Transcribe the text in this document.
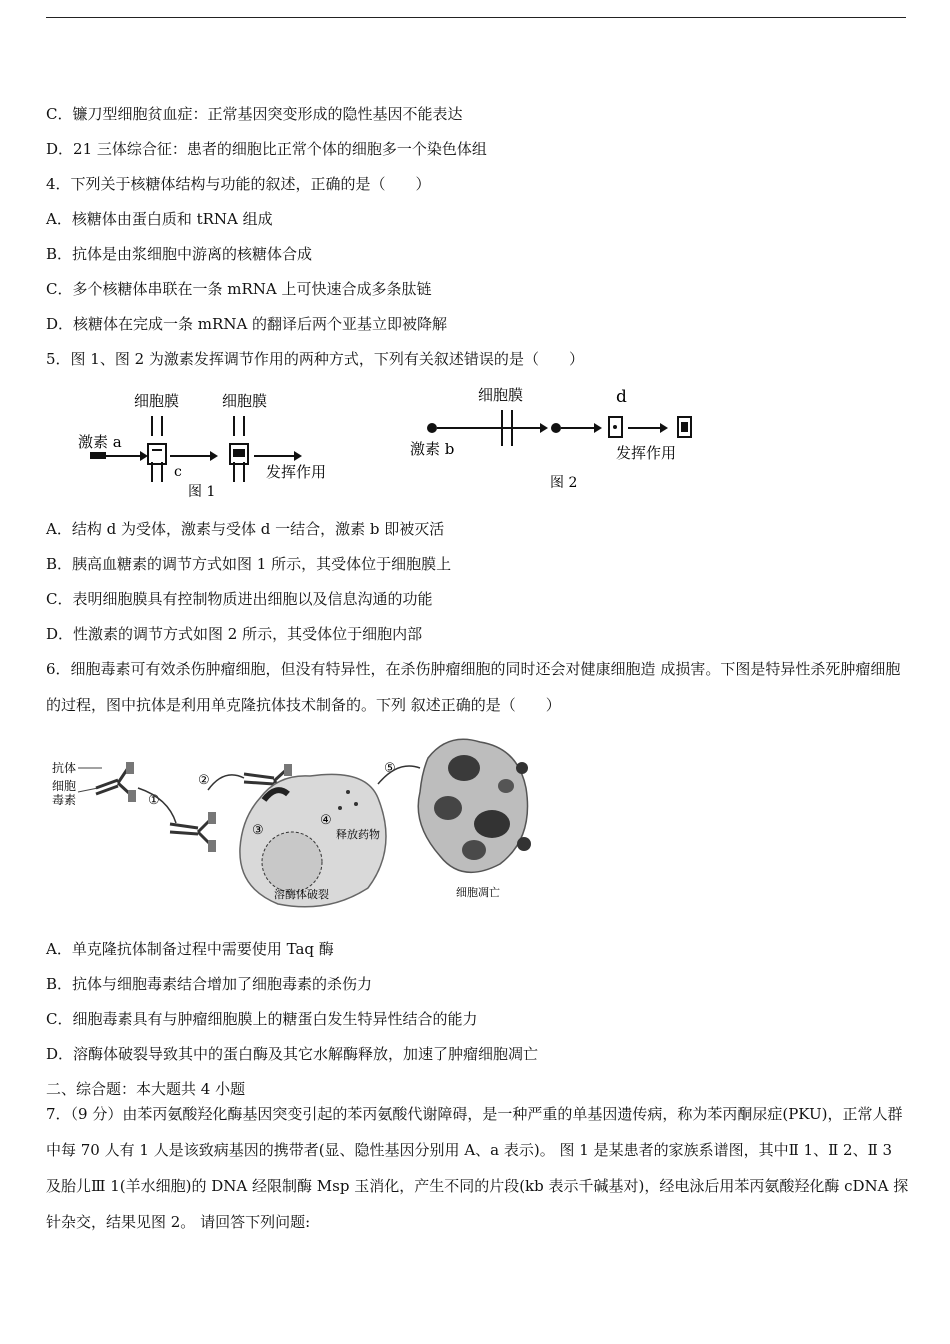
C．镰刀型细胞贫血症：正常基因突变形成的隐性基因不能表达
D．21 三体综合征：患者的细胞比正常个体的细胞多一个染色体组
4．下列关于核糖体结构与功能的叙述，正确的是（　　）
A．核糖体由蛋白质和 tRNA 组成
B．抗体是由浆细胞中游离的核糖体合成
C．多个核糖体串联在一条 mRNA 上可快速合成多条肽链
D．核糖体在完成一条 mRNA 的翻译后两个亚基立即被降解
5．图 1、图 2 为激素发挥调节作用的两种方式，下列有关叙述错误的是（　　）
细胞膜	细胞膜
激素 a
c	发挥作用
图 1
细胞膜	d
激素 b	发挥作用
图 2
A．结构 d 为受体，激素与受体 d 一结合，激素 b 即被灭活
B．胰高血糖素的调节方式如图 1 所示，其受体位于细胞膜上
C．表明细胞膜具有控制物质进出细胞以及信息沟通的功能
D．性激素的调节方式如图 2 所示，其受体位于细胞内部
6．细胞毒素可有效杀伤肿瘤细胞，但没有特异性，在杀伤肿瘤细胞的同时还会对健康细胞造 成损害。下图是特异性杀死肿瘤细胞的过程，图中抗体是利用单克隆抗体技术制备的。下列 叙述正确的是（　　）
抗体
细胞
毒素	①
②
③
④
释放药物
溶酶体破裂
⑤
细胞凋亡
A．单克隆抗体制备过程中需要使用 Taq 酶
B．抗体与细胞毒素结合增加了细胞毒素的杀伤力
C．细胞毒素具有与肿瘤细胞膜上的糖蛋白发生特异性结合的能力
D．溶酶体破裂导致其中的蛋白酶及其它水解酶释放，加速了肿瘤细胞凋亡
二、综合题：本大题共 4 小题
7．（9 分）由苯丙氨酸羟化酶基因突变引起的苯丙氨酸代谢障碍，是一种严重的单基因遗传病，称为苯丙酮尿症(PKU)，正常人群中每 70 人有 1 人是该致病基因的携带者(显、隐性基因分别用 A、a 表示)。 图 1 是某患者的家族系谱图，其中Ⅱ 1、Ⅱ 2、Ⅱ 3 及胎儿Ⅲ 1(羊水细胞)的 DNA 经限制酶 Msp 玉消化，产生不同的片段(kb 表示千碱基对)，经电泳后用苯丙氨酸羟化酶 cDNA 探针杂交，结果见图 2。 请回答下列问题:
